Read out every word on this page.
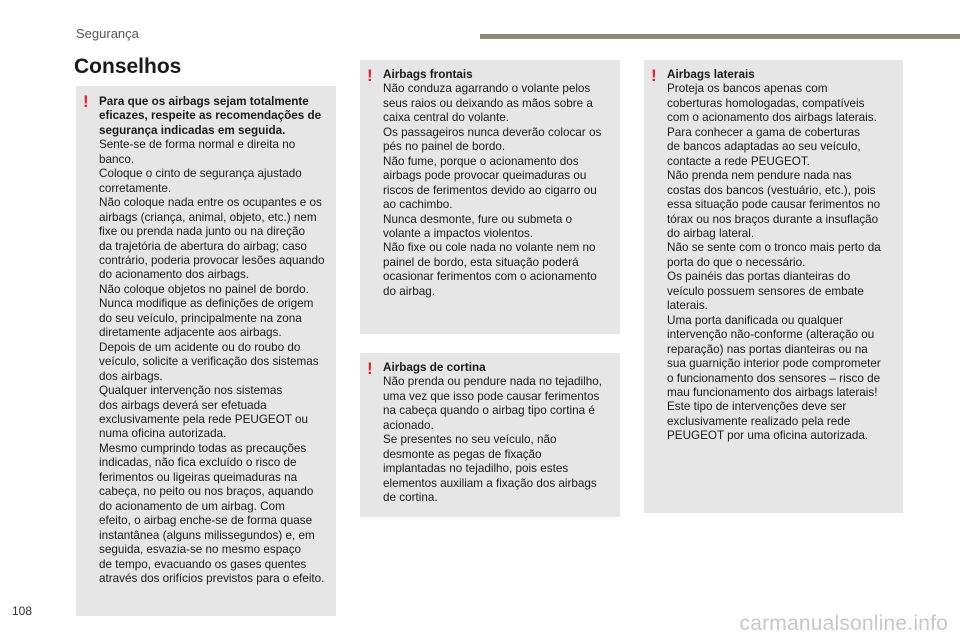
Segurança
Conselhos
! Para que os airbags sejam totalmente eficazes, respeite as recomendações de segurança indicadas em seguida.
Sente-se de forma normal e direita no
banco.
Coloque o cinto de segurança ajustado
corretamente.
Não coloque nada entre os ocupantes e os
airbags (criança, animal, objeto, etc.) nem
fixe ou prenda nada junto ou na direção
da trajetória de abertura do airbag; caso
contrário, poderia provocar lesões aquando
do acionamento dos airbags.
Não coloque objetos no painel de bordo.
Nunca modifique as definições de origem
do seu veículo, principalmente na zona
diretamente adjacente aos airbags.
Depois de um acidente ou do roubo do
veículo, solicite a verificação dos sistemas
dos airbags.
Qualquer intervenção nos sistemas
dos airbags deverá ser efetuada
exclusivamente pela rede PEUGEOT ou
numa oficina autorizada.
Mesmo cumprindo todas as precauções
indicadas, não fica excluído o risco de
ferimentos ou ligeiras queimaduras na
cabeça, no peito ou nos braços, aquando
do acionamento de um airbag. Com
efeito, o airbag enche-se de forma quase
instantânea (alguns milissegundos) e, em
seguida, esvazia-se no mesmo espaço
de tempo, evacuando os gases quentes
através dos orifícios previstos para o efeito.
! Airbags frontais
Não conduza agarrando o volante pelos
seus raios ou deixando as mãos sobre a
caixa central do volante.
Os passageiros nunca deverão colocar os
pés no painel de bordo.
Não fume, porque o acionamento dos
airbags pode provocar queimaduras ou
riscos de ferimentos devido ao cigarro ou
ao cachimbo.
Nunca desmonte, fure ou submeta o
volante a impactos violentos.
Não fixe ou cole nada no volante nem no
painel de bordo, esta situação poderá
ocasionar ferimentos com o acionamento
do airbag.
! Airbags de cortina
Não prenda ou pendure nada no tejadilho,
uma vez que isso pode causar ferimentos
na cabeça quando o airbag tipo cortina é
acionado.
Se presentes no seu veículo, não
desmonte as pegas de fixação
implantadas no tejadilho, pois estes
elementos auxiliam a fixação dos airbags
de cortina.
! Airbags laterais
Proteja os bancos apenas com
coberturas homologadas, compatíveis
com o acionamento dos airbags laterais.
Para conhecer a gama de coberturas
de bancos adaptadas ao seu veículo,
contacte a rede PEUGEOT.
Não prenda nem pendure nada nas
costas dos bancos (vestuário, etc.), pois
essa situação pode causar ferimentos no
tórax ou nos braços durante a insuflação
do airbag lateral.
Não se sente com o tronco mais perto da
porta do que o necessário.
Os painéis das portas dianteiras do
veículo possuem sensores de embate
laterais.
Uma porta danificada ou qualquer
intervenção não-conforme (alteração ou
reparação) nas portas dianteiras ou na
sua guarnição interior pode comprometer
o funcionamento dos sensores – risco de
mau funcionamento dos airbags laterais!
Este tipo de intervenções deve ser
exclusivamente realizado pela rede
PEUGEOT por uma oficina autorizada.
108
carmanualsonline.info
